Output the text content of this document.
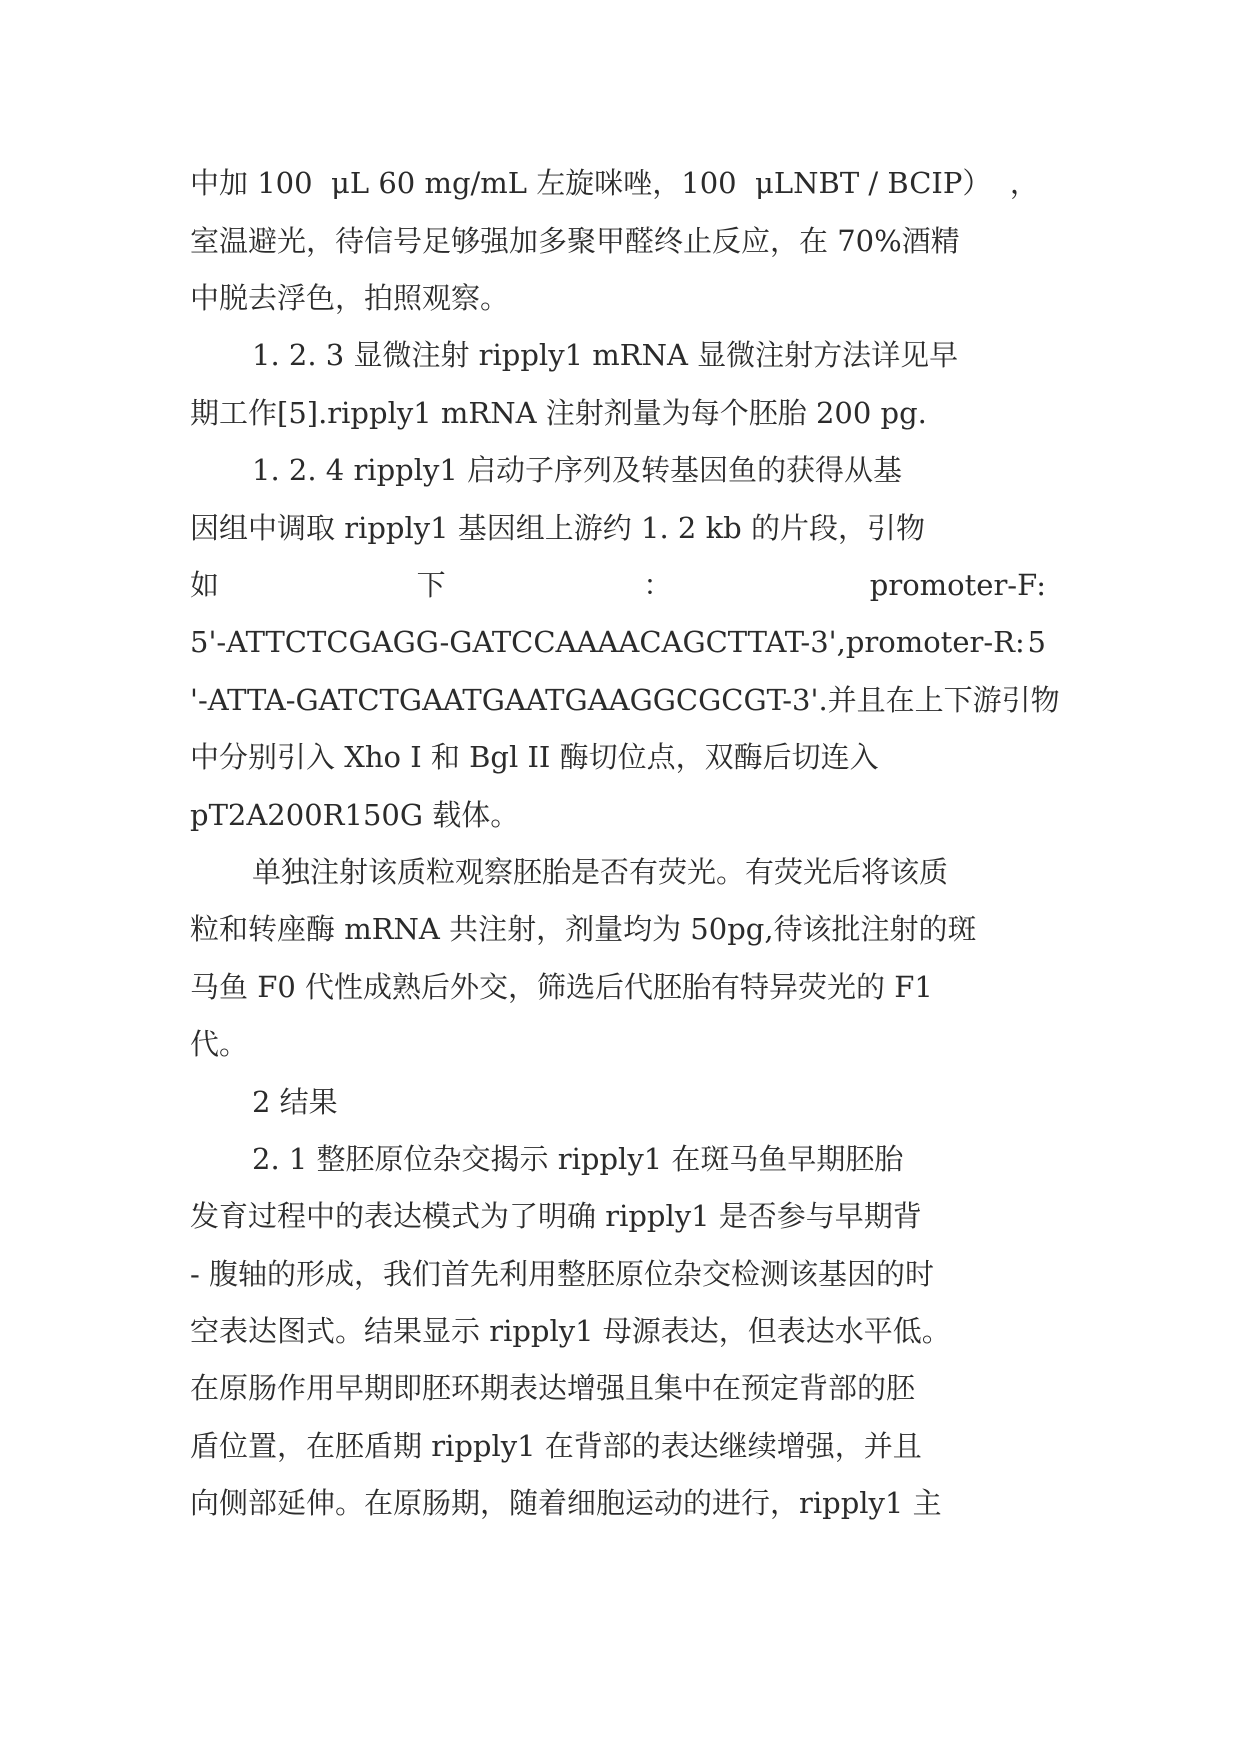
中加 100  μL 60 mg/mL 左旋咪唑，100  μLNBT / BCIP）  ，
室温避光，待信号足够强加多聚甲醛终止反应，在 70%酒精
中脱去浮色，拍照观察。
1. 2. 3 显微注射 ripply1 mRNA 显微注射方法详见早
期工作[5].ripply1 mRNA 注射剂量为每个胚胎 200 pg.
1. 2. 4 ripply1 启动子序列及转基因鱼的获得从基
因组中调取 ripply1 基因组上游约 1. 2 kb 的片段，引物
如	下	：	promoter-F:
5'-ATTCTCGAGG-GATCCAAAACAGCTTAT-3',promoter-R: 5
'-ATTA-GATCTGAATGAATGAAGGCGCGT-3'.并且在上下游引物
中分别引入 Xho I 和 Bgl II 酶切位点，双酶后切连入
pT2A200R150G 载体。
单独注射该质粒观察胚胎是否有荧光。有荧光后将该质
粒和转座酶 mRNA 共注射，剂量均为 50pg,待该批注射的斑
马鱼 F0 代性成熟后外交，筛选后代胚胎有特异荧光的 F1
代。
2 结果
2. 1 整胚原位杂交揭示 ripply1 在斑马鱼早期胚胎
发育过程中的表达模式为了明确 ripply1 是否参与早期背
- 腹轴的形成，我们首先利用整胚原位杂交检测该基因的时
空表达图式。结果显示 ripply1 母源表达，但表达水平低。
在原肠作用早期即胚环期表达增强且集中在预定背部的胚
盾位置，在胚盾期 ripply1 在背部的表达继续增强，并且
向侧部延伸。在原肠期，随着细胞运动的进行，ripply1 主
